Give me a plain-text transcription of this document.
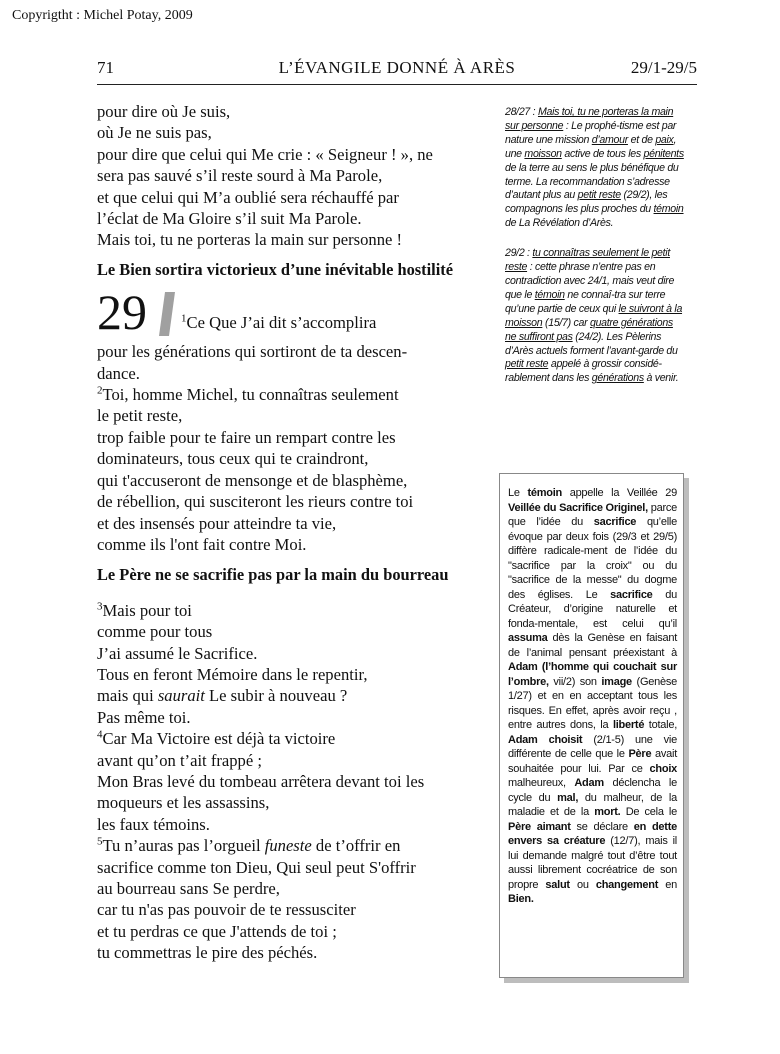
Copyrigtht : Michel Potay, 2009
71	L’ÉVANGILE DONNÉ À ARÈS	29/1-29/5

pour dire où Je suis,

où Je ne suis pas,

pour dire que celui qui Me crie : « Seigneur ! », ne

sera pas sauvé s’il reste sourd à Ma Parole,

et que celui qui M’a oublié sera réchauffé par

l’éclat de Ma Gloire s’il suit Ma Parole.

Mais toi, tu ne porteras la main sur personne !

Le Bien sortira victorieux d’une inévitable hostilité
29	$^1$Ce Que J’ai dit s’accomplira

pour les générations qui sortiront de ta descen-

dance.

$^2$Toi, homme Michel, tu connaîtras seulement

le petit reste,

trop faible pour te faire un rempart contre les

dominateurs, tous ceux qui te craindront,

qui t'accuseront de mensonge et de blasphème,

de rébellion, qui susciteront les rieurs contre toi

et des insensés pour atteindre ta vie,

comme ils l'ont fait contre Moi.

Le Père ne se sacrifie pas par la main du bourreau

$^3$Mais pour toi

comme pour tous

J’ai assumé le Sacrifice.

Tous en feront Mémoire dans le repentir,

mais qui saurait Le subir à nouveau ?

Pas même toi.

$^4$Car Ma Victoire est déjà ta victoire

avant qu’on t’ait frappé ;

Mon Bras levé du tombeau arrêtera devant toi les

moqueurs et les assassins,

les faux témoins.

$^5$Tu n’auras pas l’orgueil funeste de t’offrir en

sacrifice comme ton Dieu, Qui seul peut S'offrir

au bourreau sans Se perdre,

car tu n'as pas pouvoir de te ressusciter

et tu perdras ce que J'attends de toi ;

tu commettras le pire des péchés.

28/27 : Mais toi, tu ne porteras la main sur personne : Le prophé-tisme est par nature une mission d’amour et de paix, une moisson active de tous les pénitents de la terre au sens le plus bénéfique du terme. La recommandation s’adresse d’autant plus au petit reste (29/2), les compagnons les plus proches du témoin de La Révélation d’Arès.

29/2 : tu connaîtras seulement le petit reste : cette phrase n’entre pas en contradiction avec 24/1, mais veut dire que le témoin ne connaî-tra sur terre qu’une partie de ceux qui le suivront à la moisson (15/7) car quatre générations ne suffiront pas (24/2). Les Pèlerins d’Arès actuels forment l’avant-garde du petit reste appelé à grossir considé-rablement dans les générations à venir.

Le témoin appelle la Veillée 29 Veillée du Sacrifice Originel, parce que l’idée du sacrifice qu’elle évoque par deux fois (29/3 et 29/5) diffère radicale-ment de l’idée du "sacrifice par la croix" ou du "sacrifice de la messe" du dogme des églises. Le sacrifice du Créateur, d’origine naturelle et fonda-mentale, est celui qu’il assuma dès la Genèse en faisant de l’animal pensant préexistant à Adam (l’homme qui couchait sur l’ombre, vii/2) son image (Genèse 1/27) et en en acceptant tous les risques. En effet, après avoir reçu , entre autres dons, la liberté totale, Adam choisit (2/1-5) une vie différente de celle que le Père avait souhaitée pour lui. Par ce choix malheureux, Adam déclencha le cycle du mal, du malheur, de la maladie et de la mort. De cela le Père aimant se déclare en dette envers sa créature (12/7), mais il lui demande malgré tout d’être tout aussi librement cocréatrice de son propre salut ou changement en Bien.
